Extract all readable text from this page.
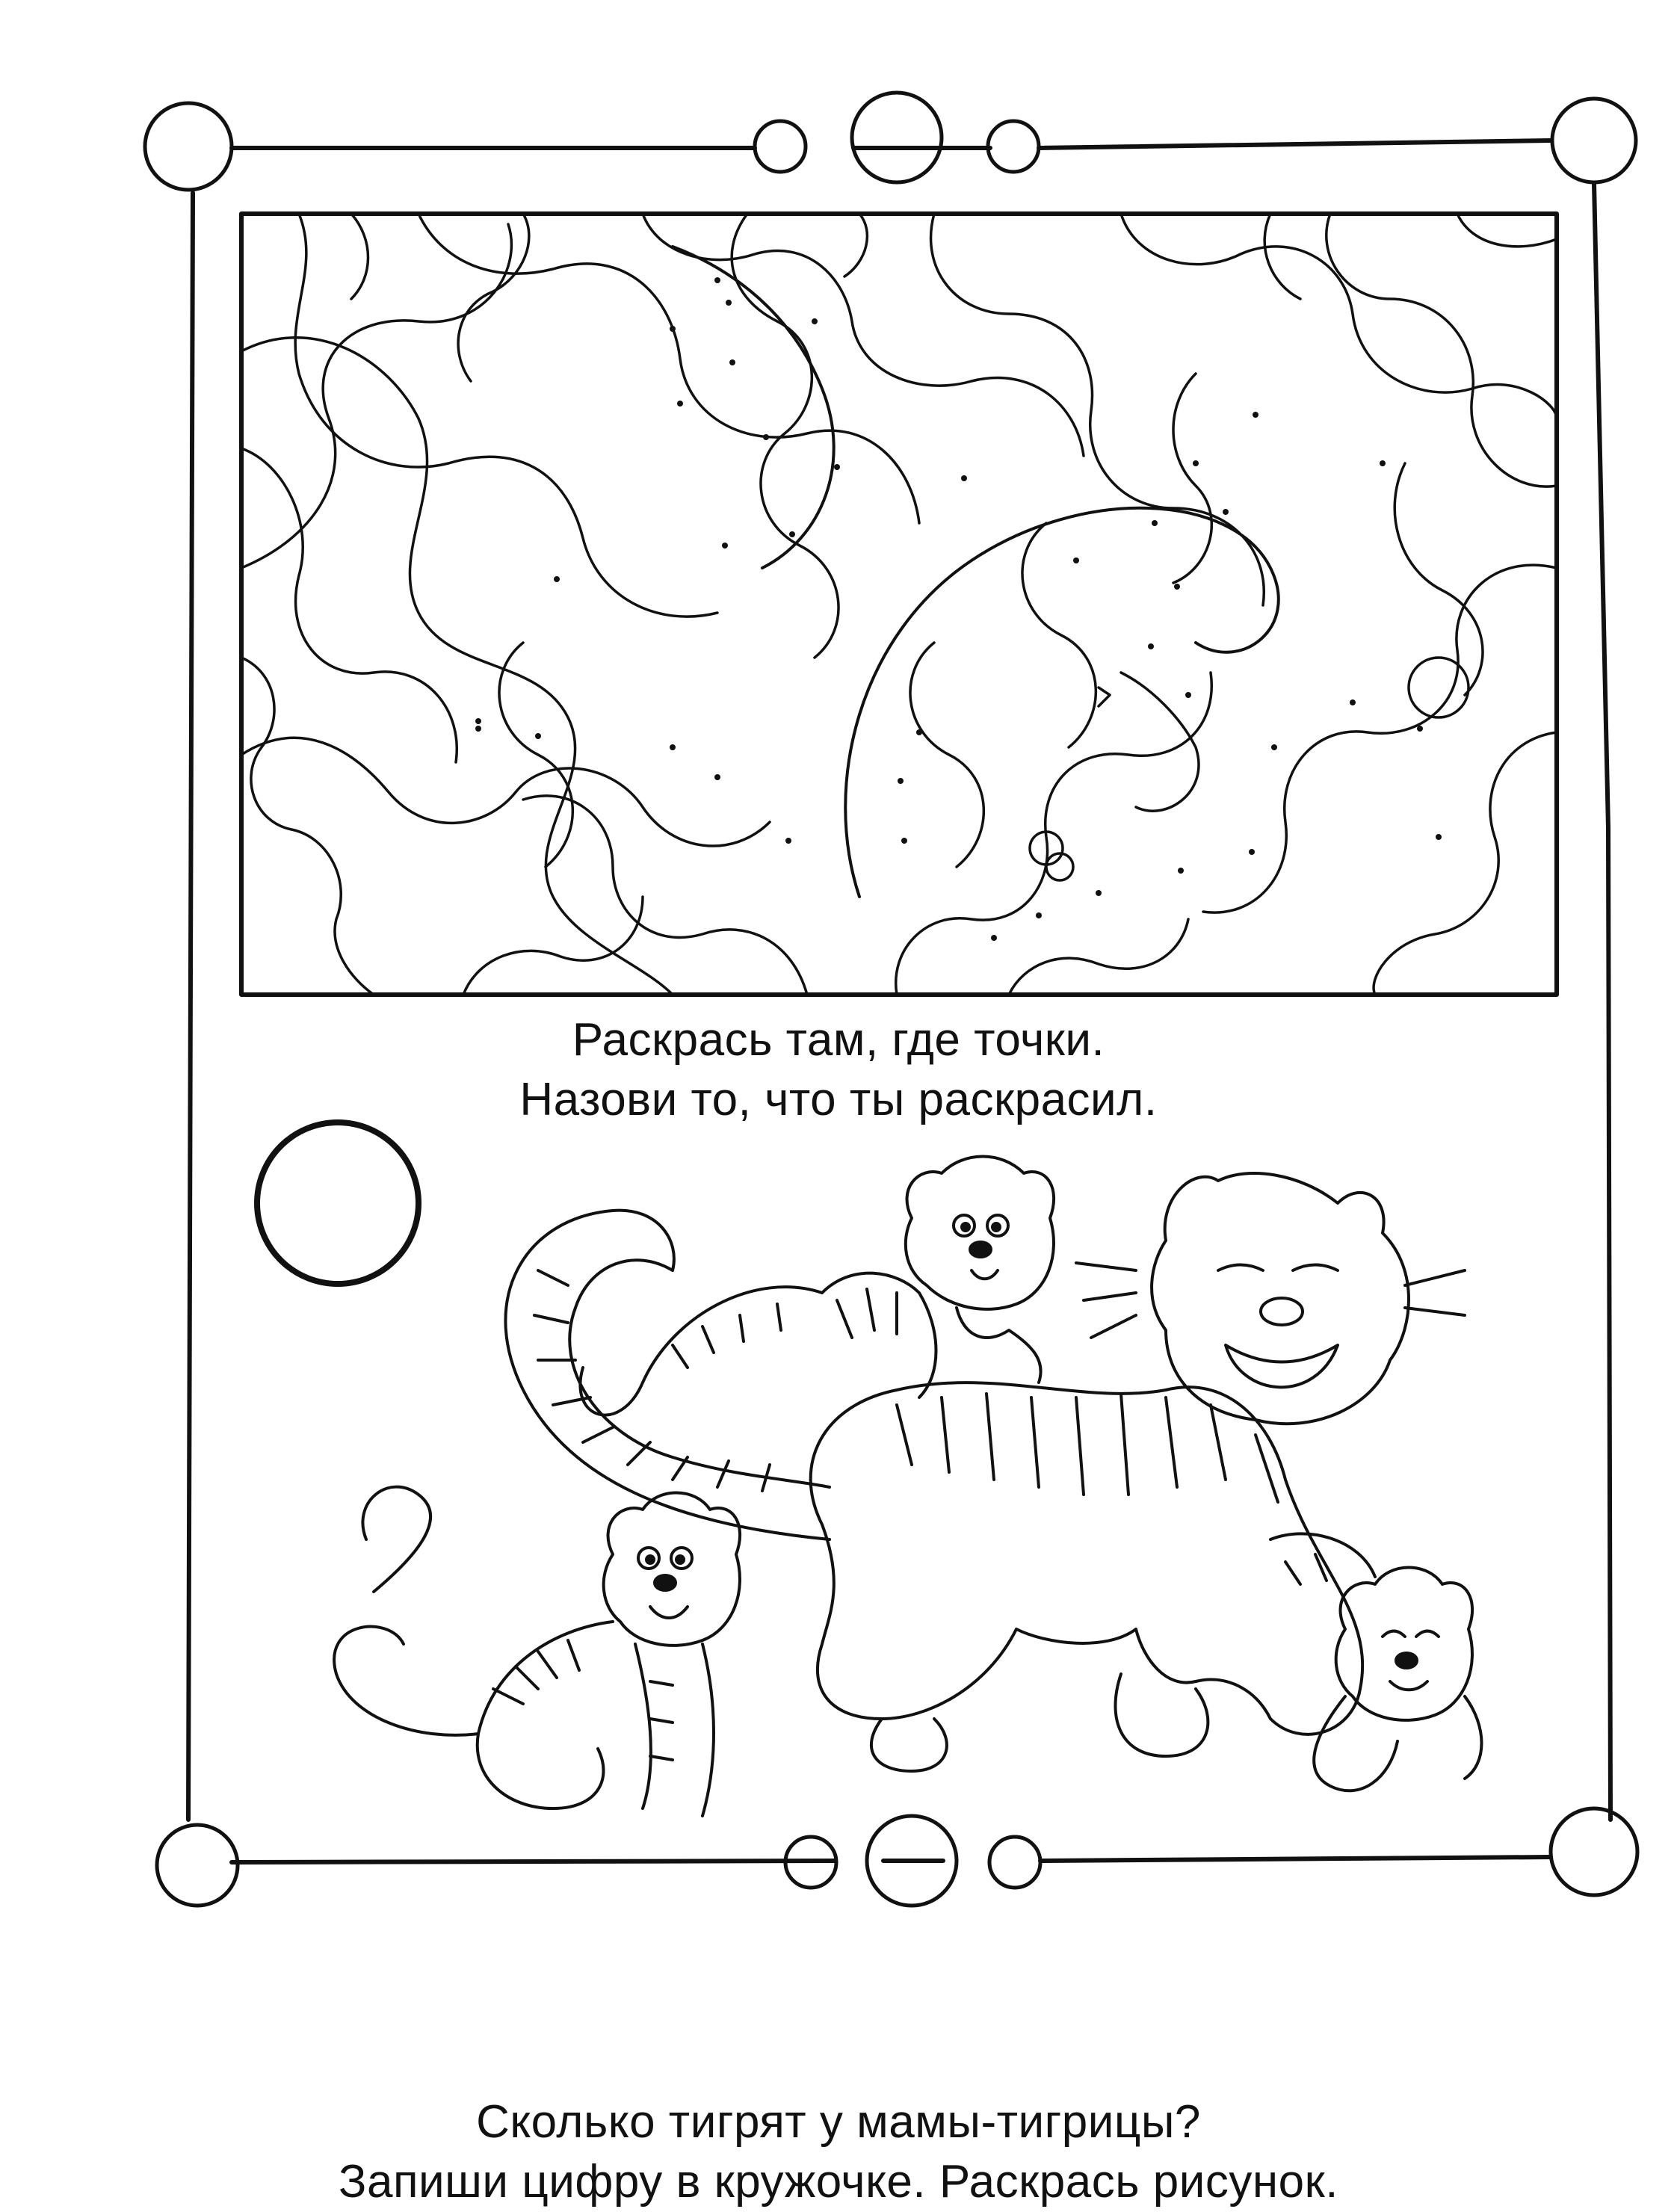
Раскрась там, где точки.
Назови то, что ты раскрасил.
Сколько тигрят у мамы-тигрицы?
Запиши цифру в кружочке. Раскрась рисунок.
